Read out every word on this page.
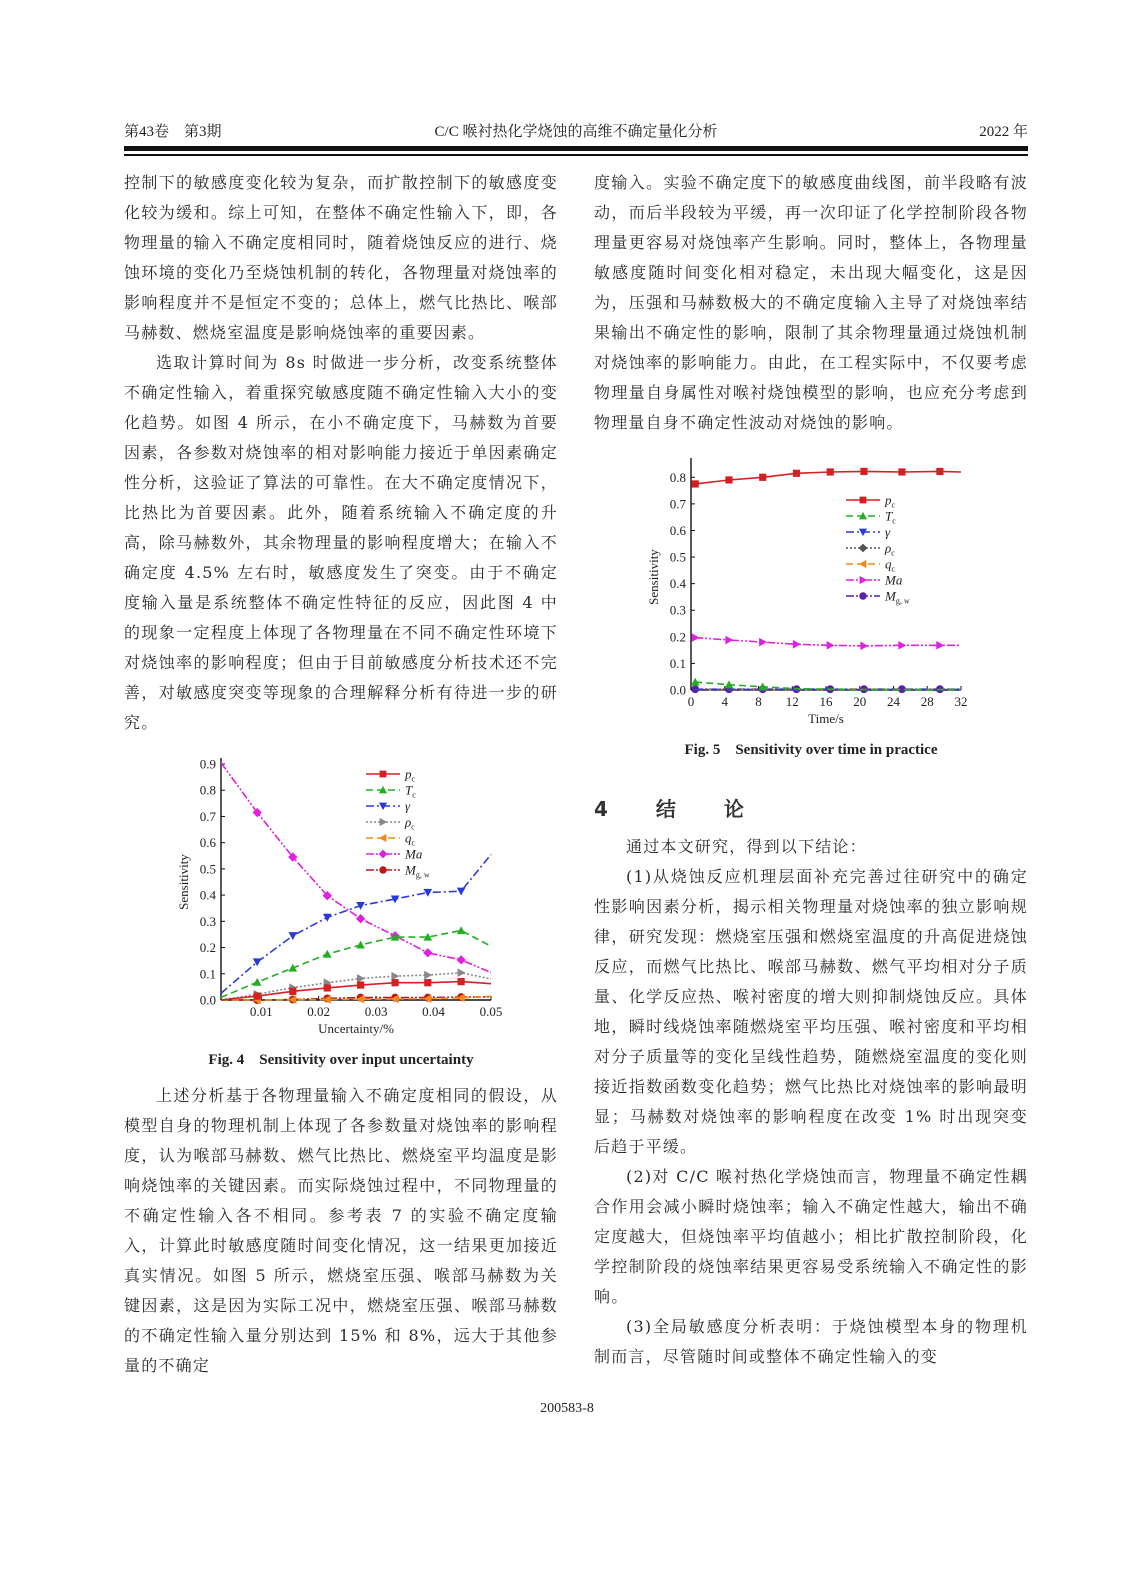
第43卷　第3期	C/C 喉衬热化学烧蚀的高维不确定量化分析	2022 年

控制下的敏感度变化较为复杂，而扩散控制下的敏感度变化较为缓和。综上可知，在整体不确定性输入下，即，各物理量的输入不确定度相同时，随着烧蚀反应的进行、烧蚀环境的变化乃至烧蚀机制的转化，各物理量对烧蚀率的影响程度并不是恒定不变的；总体上，燃气比热比、喉部马赫数、燃烧室温度是影响烧蚀率的重要因素。

选取计算时间为 8s 时做进一步分析，改变系统整体不确定性输入，着重探究敏感度随不确定性输入大小的变化趋势。如图 4 所示，在小不确定度下，马赫数为首要因素，各参数对烧蚀率的相对影响能力接近于单因素确定性分析，这验证了算法的可靠性。在大不确定度情况下，比热比为首要因素。此外，随着系统输入不确定度的升高，除马赫数外，其余物理量的影响程度增大；在输入不确定度 4.5% 左右时，敏感度发生了突变。由于不确定度输入量是系统整体不确定性特征的反应，因此图 4 中的现象一定程度上体现了各物理量在不同不确定性环境下对烧蚀率的影响程度；但由于目前敏感度分析技术还不完善，对敏感度突变等现象的合理解释分析有待进一步的研究。

0.0
0.1
0.2
0.3
0.4
0.5
0.6
0.7
0.8
0.9
0.01	0.02	0.03	0.04	0.05
Uncertainty/%
Sensitivity
$p_c$
$T_c$
γ
$\rho_c$
$q_c$
Ma
$M_{g, w}$
Fig. 4　Sensitivity over input uncertainty

上述分析基于各物理量输入不确定度相同的假设，从模型自身的物理机制上体现了各参数量对烧蚀率的影响程度，认为喉部马赫数、燃气比热比、燃烧室平均温度是影响烧蚀率的关键因素。而实际烧蚀过程中，不同物理量的不确定性输入各不相同。参考表 7 的实验不确定度输入，计算此时敏感度随时间变化情况，这一结果更加接近真实情况。如图 5 所示，燃烧室压强、喉部马赫数为关键因素，这是因为实际工况中，燃烧室压强、喉部马赫数的不确定性输入量分别达到 15% 和 8%，远大于其他参量的不确定

度输入。实验不确定度下的敏感度曲线图，前半段略有波动，而后半段较为平缓，再一次印证了化学控制阶段各物理量更容易对烧蚀率产生影响。同时，整体上，各物理量敏感度随时间变化相对稳定，未出现大幅变化，这是因为，压强和马赫数极大的不确定度输入主导了对烧蚀率结果输出不确定性的影响，限制了其余物理量通过烧蚀机制对烧蚀率的影响能力。由此，在工程实际中，不仅要考虑物理量自身属性对喉衬烧蚀模型的影响，也应充分考虑到物理量自身不确定性波动对烧蚀的影响。

0.0
0.1
0.2
0.3
0.4
0.5
0.6
0.7
0.8
0 4 8 12 16 20 24 28 32
Time/s
Sensitivity
$p_c$
$T_c$
γ
$\rho_c$
$q_c$
Ma
$M_{g, w}$
Fig. 5　Sensitivity over time in practice
4　结　论

通过本文研究，得到以下结论：

(1)从烧蚀反应机理层面补充完善过往研究中的确定性影响因素分析，揭示相关物理量对烧蚀率的独立影响规律，研究发现：燃烧室压强和燃烧室温度的升高促进烧蚀反应，而燃气比热比、喉部马赫数、燃气平均相对分子质量、化学反应热、喉衬密度的增大则抑制烧蚀反应。具体地，瞬时线烧蚀率随燃烧室平均压强、喉衬密度和平均相对分子质量等的变化呈线性趋势，随燃烧室温度的变化则接近指数函数变化趋势；燃气比热比对烧蚀率的影响最明显；马赫数对烧蚀率的影响程度在改变 1% 时出现突变后趋于平缓。

(2)对 C/C 喉衬热化学烧蚀而言，物理量不确定性耦合作用会减小瞬时烧蚀率；输入不确定性越大，输出不确定度越大，但烧蚀率平均值越小；相比扩散控制阶段，化学控制阶段的烧蚀率结果更容易受系统输入不确定性的影响。

(3)全局敏感度分析表明：于烧蚀模型本身的物理机制而言，尽管随时间或整体不确定性输入的变

200583-8
